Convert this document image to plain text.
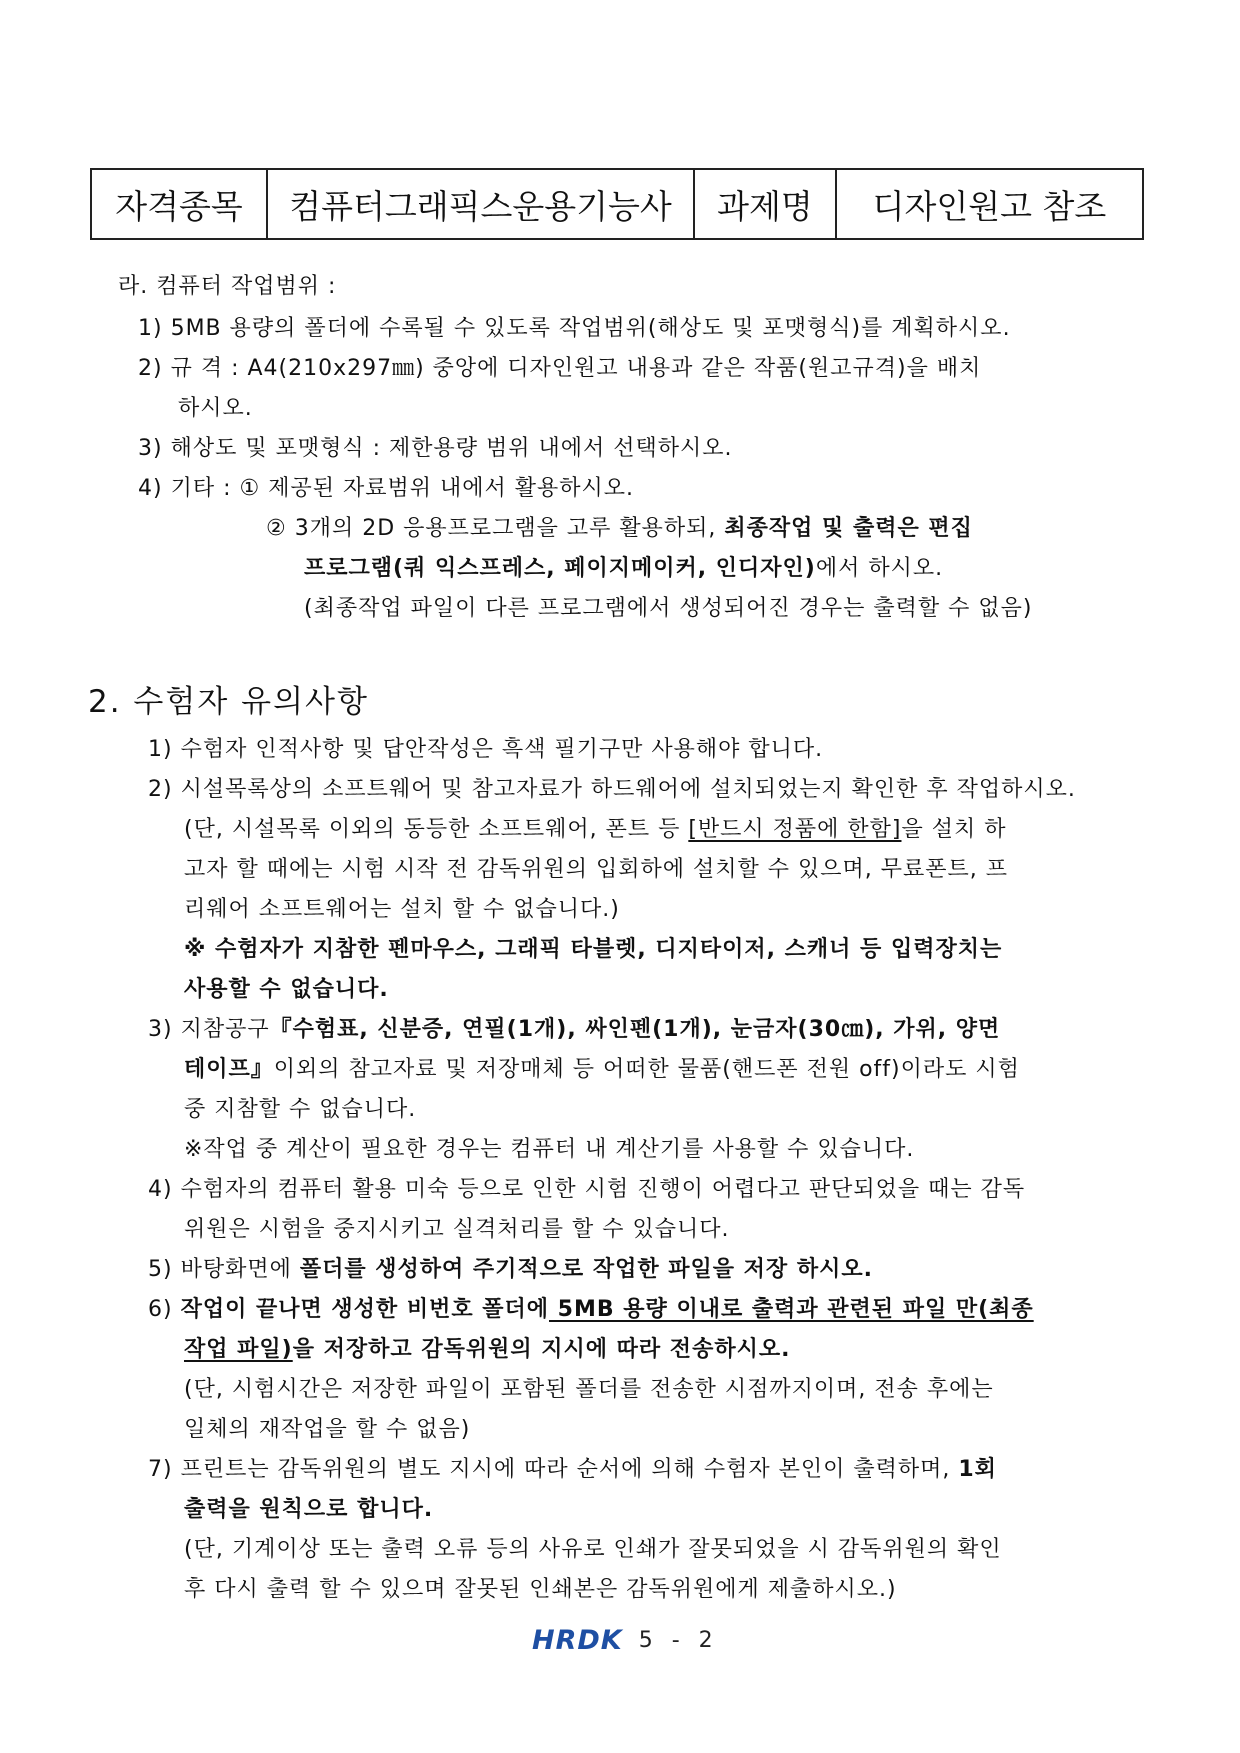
자격종목	컴퓨터그래픽스운용기능사	과제명	디자인원고 참조
라. 컴퓨터 작업범위 :
1) 5MB 용량의 폴더에 수록될 수 있도록 작업범위(해상도 및 포맷형식)를 계획하시오.
2) 규 격 : A4(210x297㎜) 중앙에 디자인원고 내용과 같은 작품(원고규격)을 배치
하시오.
3) 해상도 및 포맷형식 : 제한용량 범위 내에서 선택하시오.
4) 기타 : ① 제공된 자료범위 내에서 활용하시오.
② 3개의 2D 응용프로그램을 고루 활용하되, 최종작업 및 출력은 편집
프로그램(쿼 익스프레스, 페이지메이커, 인디자인)에서 하시오.
(최종작업 파일이 다른 프로그램에서 생성되어진 경우는 출력할 수 없음)
2. 수험자 유의사항
1) 수험자 인적사항 및 답안작성은 흑색 필기구만 사용해야 합니다.
2) 시설목록상의 소프트웨어 및 참고자료가 하드웨어에 설치되었는지 확인한 후 작업하시오.
(단, 시설목록 이외의 동등한 소프트웨어, 폰트 등 [반드시 정품에 한함]을 설치 하
고자 할 때에는 시험 시작 전 감독위원의 입회하에 설치할 수 있으며, 무료폰트, 프
리웨어 소프트웨어는 설치 할 수 없습니다.)
※ 수험자가 지참한 펜마우스, 그래픽 타블렛, 디지타이저, 스캐너 등 입력장치는
사용할 수 없습니다.
3) 지참공구『수험표, 신분증, 연필(1개), 싸인펜(1개), 눈금자(30㎝), 가위, 양면
테이프』이외의 참고자료 및 저장매체 등 어떠한 물품(핸드폰 전원 off)이라도 시험
중 지참할 수 없습니다.
※작업 중 계산이 필요한 경우는 컴퓨터 내 계산기를 사용할 수 있습니다.
4) 수험자의 컴퓨터 활용 미숙 등으로 인한 시험 진행이 어렵다고 판단되었을 때는 감독
위원은 시험을 중지시키고 실격처리를 할 수 있습니다.
5) 바탕화면에 폴더를 생성하여 주기적으로 작업한 파일을 저장 하시오.
6) 작업이 끝나면 생성한 비번호 폴더에 5MB 용량 이내로 출력과 관련된 파일 만(최종
작업 파일)을 저장하고 감독위원의 지시에 따라 전송하시오.
(단, 시험시간은 저장한 파일이 포함된 폴더를 전송한 시점까지이며, 전송 후에는
일체의 재작업을 할 수 없음)
7) 프린트는 감독위원의 별도 지시에 따라 순서에 의해 수험자 본인이 출력하며, 1회
출력을 원칙으로 합니다.
(단, 기계이상 또는 출력 오류 등의 사유로 인쇄가 잘못되었을 시 감독위원의 확인
후 다시 출력 할 수 있으며 잘못된 인쇄본은 감독위원에게 제출하시오.)
HRDK 5 - 2
